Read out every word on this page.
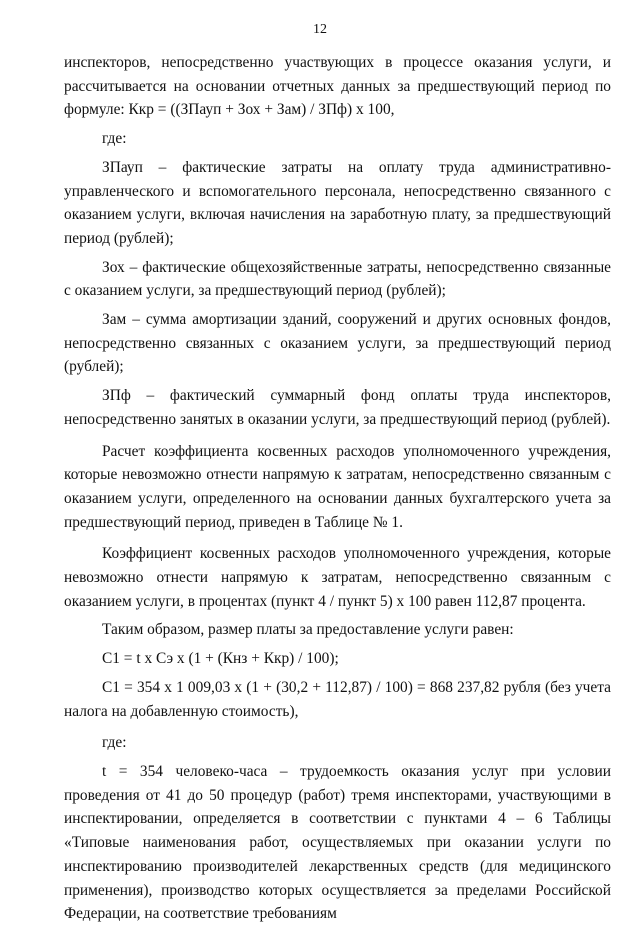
12

инспекторов, непосредственно участвующих в процессе оказания услуги, и рассчитывается на основании отчетных данных за предшествующий период по формуле: Ккр = ((ЗПауп + Зох + Зам) / ЗПф) х 100,

где:

ЗПауп – фактические затраты на оплату труда административно-управленческого и вспомогательного персонала, непосредственно связанного с оказанием услуги, включая начисления на заработную плату, за предшествующий период (рублей);

Зох – фактические общехозяйственные затраты, непосредственно связанные с оказанием услуги, за предшествующий период (рублей);

Зам – сумма амортизации зданий, сооружений и других основных фондов, непосредственно связанных с оказанием услуги, за предшествующий период (рублей);

ЗПф – фактический суммарный фонд оплаты труда инспекторов, непосредственно занятых в оказании услуги, за предшествующий период (рублей).

Расчет коэффициента косвенных расходов уполномоченного учреждения, которые невозможно отнести напрямую к затратам, непосредственно связанным с оказанием услуги, определенного на основании данных бухгалтерского учета за предшествующий период, приведен в Таблице № 1.

Коэффициент косвенных расходов уполномоченного учреждения, которые невозможно отнести напрямую к затратам, непосредственно связанным с оказанием услуги, в процентах (пункт 4 / пункт 5) х 100 равен 112,87 процента.

Таким образом, размер платы за предоставление услуги равен:

С1 = t х Сэ х (1 + (Кнз + Ккр) / 100);

С1 = 354 х 1 009,03 х (1 + (30,2 + 112,87) / 100) = 868 237,82 рубля (без учета налога на добавленную стоимость),

где:

t = 354 человеко-часа – трудоемкость оказания услуг при условии проведения от 41 до 50 процедур (работ) тремя инспекторами, участвующими в инспектировании, определяется в соответствии с пунктами 4 – 6 Таблицы «Типовые наименования работ, осуществляемых при оказании услуги по инспектированию производителей лекарственных средств (для медицинского применения), производство которых осуществляется за пределами Российской Федерации, на соответствие требованиям
